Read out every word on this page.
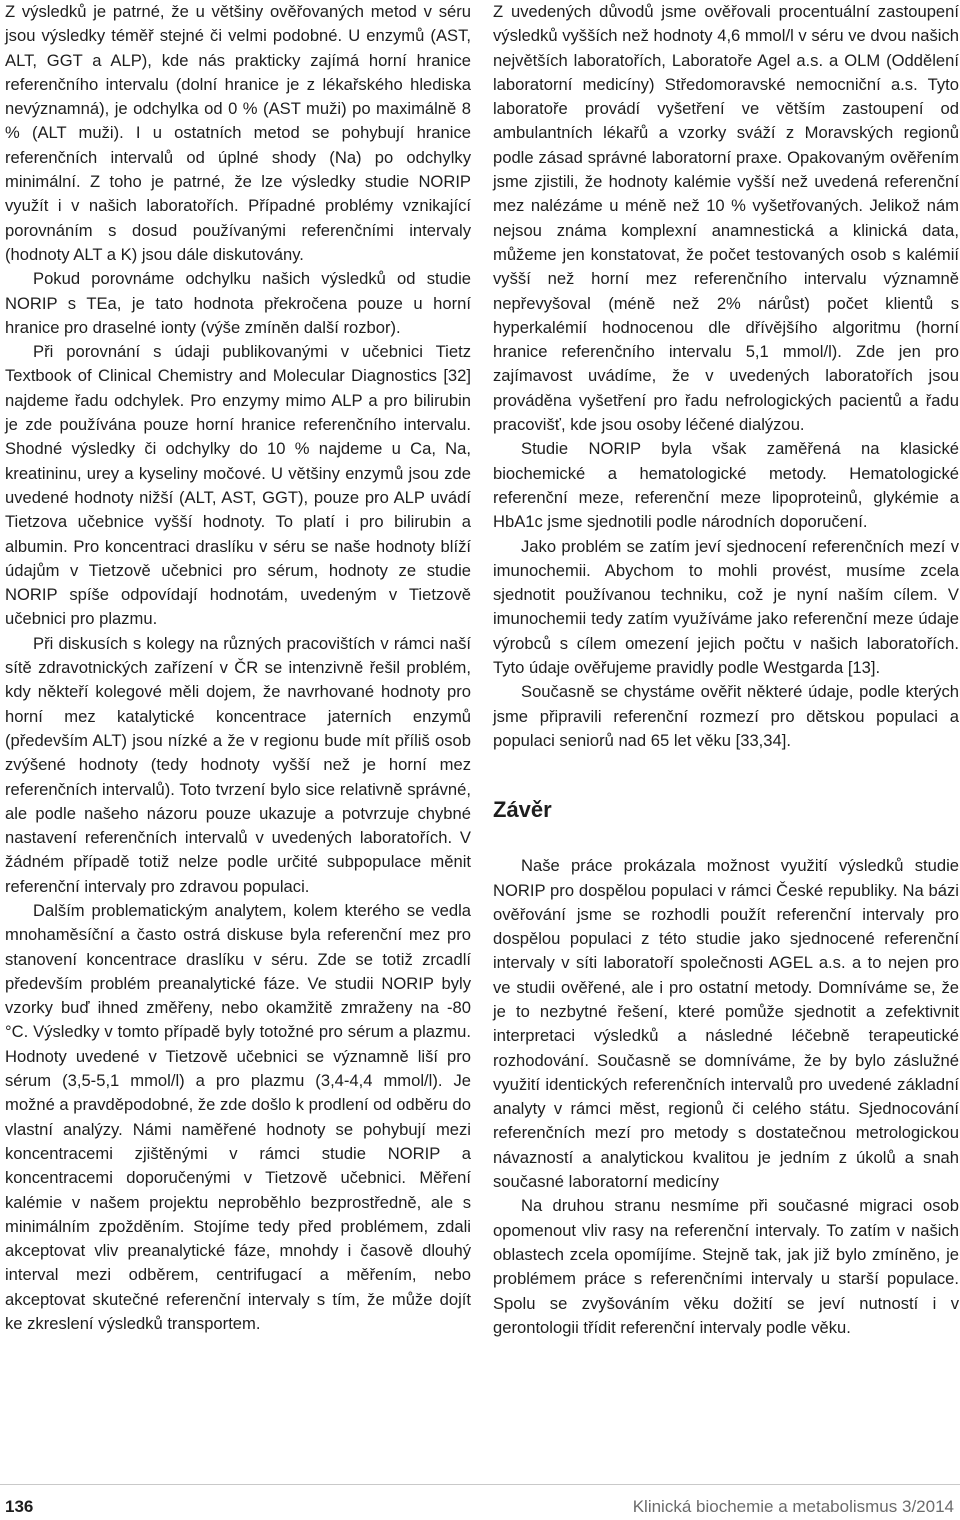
Z výsledků je patrné, že u většiny ověřovaných metod v séru jsou výsledky téměř stejné či velmi podobné. U enzymů (AST, ALT, GGT a ALP), kde nás prakticky zajímá horní hranice referenčního intervalu (dolní hranice je z lékařského hlediska nevýznamná), je odchylka od 0 % (AST muži) po maximálně 8 % (ALT muži). I u ostatních metod se pohybují hranice referenčních intervalů od úplné shody (Na) po odchylky minimální. Z toho je patrné, že lze výsledky studie NORIP využít i v našich laboratořích. Případné problémy vznikající porovnáním s dosud používanými referenčními intervaly (hodnoty ALT a K) jsou dále diskutovány.

Pokud porovnáme odchylku našich výsledků od studie NORIP s TEa, je tato hodnota překročena pouze u horní hranice pro draselné ionty (výše zmíněn další rozbor).

Při porovnání s údaji publikovanými v učebnici Tietz Textbook of Clinical Chemistry and Molecular Diagnostics [32] najdeme řadu odchylek. Pro enzymy mimo ALP a pro bilirubin je zde používána pouze horní hranice referenčního intervalu. Shodné výsledky či odchylky do 10 % najdeme u Ca, Na, kreatininu, urey a kyseliny močové. U většiny enzymů jsou zde uvedené hodnoty nižší (ALT, AST, GGT), pouze pro ALP uvádí Tietzova učebnice vyšší hodnoty. To platí i pro bilirubin a albumin. Pro koncentraci draslíku v séru se naše hodnoty blíží údajům v Tietzově učebnici pro sérum, hodnoty ze studie NORIP spíše odpovídají hodnotám, uvedeným v Tietzově učebnici pro plazmu.

Při diskusích s kolegy na různých pracovištích v rámci naší sítě zdravotnických zařízení v ČR se intenzivně řešil problém, kdy někteří kolegové měli dojem, že navrhované hodnoty pro horní mez katalytické koncentrace jaterních enzymů (především ALT) jsou nízké a že v regionu bude mít příliš osob zvýšené hodnoty (tedy hodnoty vyšší než je horní mez referenčních intervalů). Toto tvrzení bylo sice relativně správné, ale podle našeho názoru pouze ukazuje a potvrzuje chybné nastavení referenčních intervalů v uvedených laboratořích. V žádném případě totiž nelze podle určité subpopulace měnit referenční intervaly pro zdravou populaci.

Dalším problematickým analytem, kolem kterého se vedla mnohaměsíční a často ostrá diskuse byla referenční mez pro stanovení koncentrace draslíku v séru. Zde se totiž zrcadlí především problém preanalytické fáze. Ve studii NORIP byly vzorky buď ihned změřeny, nebo okamžitě zmraženy na -80 °C. Výsledky v tomto případě byly totožné pro sérum a plazmu. Hodnoty uvedené v Tietzově učebnici se významně liší pro sérum (3,5-5,1 mmol/l) a pro plazmu (3,4-4,4 mmol/l). Je možné a pravděpodobné, že zde došlo k prodlení od odběru do vlastní analýzy. Námi naměřené hodnoty se pohybují mezi koncentracemi zjištěnými v rámci studie NORIP a koncentracemi doporučenými v Tietzově učebnici. Měření kalémie v našem projektu neproběhlo bezprostředně, ale s minimálním zpožděním. Stojíme tedy před problémem, zdali akceptovat vliv preanalytické fáze, mnohdy i časově dlouhý interval mezi odběrem, centrifugací a měřením, nebo akceptovat skutečné referenční intervaly s tím, že může dojít ke zkreslení výsledků transportem.

Z uvedených důvodů jsme ověřovali procentuální zastoupení výsledků vyšších než hodnoty 4,6 mmol/l v séru ve dvou našich největších laboratořích, Laboratoře Agel a.s. a OLM (Oddělení laboratorní medicíny) Středomoravské nemocniční a.s. Tyto laboratoře provádí vyšetření ve větším zastoupení od ambulantních lékařů a vzorky sváží z Moravských regionů podle zásad správné laboratorní praxe. Opakovaným ověřením jsme zjistili, že hodnoty kalémie vyšší než uvedená referenční mez nalézáme u méně než 10 % vyšetřovaných. Jelikož nám nejsou známa komplexní anamnestická a klinická data, můžeme jen konstatovat, že počet testovaných osob s kalémií vyšší než horní mez referenčního intervalu významně nepřevyšoval (méně než 2% nárůst) počet klientů s hyperkalémií hodnocenou dle dřívějšího algoritmu (horní hranice referenčního intervalu 5,1 mmol/l). Zde jen pro zajímavost uvádíme, že v uvedených laboratořích jsou prováděna vyšetření pro řadu nefrologických pacientů a řadu pracovišť, kde jsou osoby léčené dialýzou.

Studie NORIP byla však zaměřená na klasické biochemické a hematologické metody. Hematologické referenční meze, referenční meze lipoproteinů, glykémie a HbA1c jsme sjednotili podle národních doporučení.

Jako problém se zatím jeví sjednocení referenčních mezí v imunochemii. Abychom to mohli provést, musíme zcela sjednotit používanou techniku, což je nyní naším cílem. V imunochemii tedy zatím využíváme jako referenční meze údaje výrobců s cílem omezení jejich počtu v našich laboratořích. Tyto údaje ověřujeme pravidly podle Westgarda [13].

Současně se chystáme ověřit některé údaje, podle kterých jsme připravili referenční rozmezí pro dětskou populaci a populaci seniorů nad 65 let věku [33,34].

Závěr

Naše práce prokázala možnost využití výsledků studie NORIP pro dospělou populaci v rámci České republiky. Na bázi ověřování jsme se rozhodli použít referenční intervaly pro dospělou populaci z této studie jako sjednocené referenční intervaly v síti laboratoří společnosti AGEL a.s. a to nejen pro ve studii ověřené, ale i pro ostatní metody. Domníváme se, že je to nezbytné řešení, které pomůže sjednotit a zefektivnit interpretaci výsledků a následné léčebně terapeutické rozhodování. Současně se domníváme, že by bylo záslužné využití identických referenčních intervalů pro uvedené základní analyty v rámci měst, regionů či celého státu. Sjednocování referenčních mezí pro metody s dostatečnou metrologickou návazností a analytickou kvalitou je jedním z úkolů a snah současné laboratorní medicíny

Na druhou stranu nesmíme při současné migraci osob opomenout vliv rasy na referenční intervaly. To zatím v našich oblastech zcela opomíjíme. Stejně tak, jak již bylo zmíněno, je problémem práce s referenčními intervaly u starší populace. Spolu se zvyšováním věku dožití se jeví nutností i v gerontologii třídit referenční intervaly podle věku.

136	Klinická biochemie a metabolismus 3/2014
